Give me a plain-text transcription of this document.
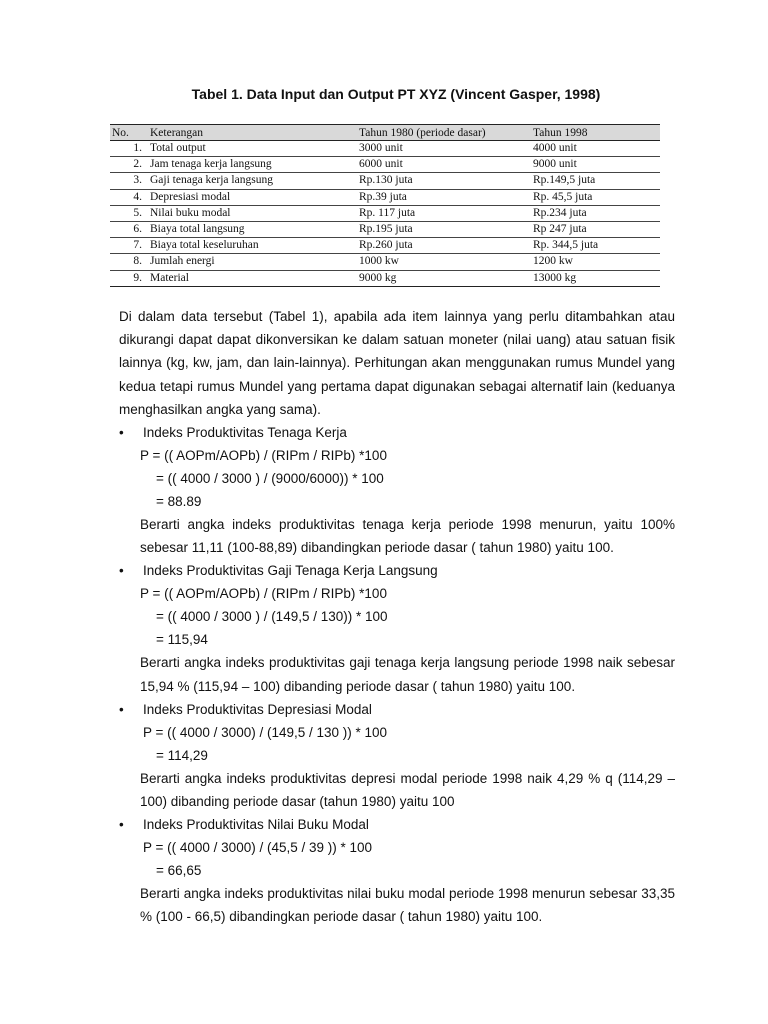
Tabel 1. Data Input dan Output PT XYZ (Vincent Gasper, 1998)
No.	Keterangan	Tahun 1980 (periode dasar)	Tahun 1998
1.	Total output	3000 unit	4000 unit
2.	Jam tenaga kerja langsung	6000 unit	9000 unit
3.	Gaji tenaga kerja langsung	Rp.130 juta	Rp.149,5 juta
4.	Depresiasi modal	Rp.39 juta	Rp. 45,5 juta
5.	Nilai buku modal	Rp. 117 juta	Rp.234 juta
6.	Biaya total langsung	Rp.195 juta	Rp 247 juta
7.	Biaya total keseluruhan	Rp.260 juta	Rp. 344,5 juta
8.	Jumlah energi	1000 kw	1200 kw
9.	Material	9000 kg	13000 kg

Di dalam data tersebut (Tabel 1), apabila ada item lainnya yang perlu ditambahkan atau dikurangi dapat dapat dikonversikan ke dalam satuan moneter (nilai uang) atau satuan fisik lainnya (kg, kw, jam, dan lain-lainnya). Perhitungan akan menggunakan rumus Mundel yang kedua tetapi rumus Mundel yang pertama dapat digunakan sebagai alternatif lain (keduanya menghasilkan angka yang sama).

• Indeks Produktivitas Tenaga Kerja

P = (( AOPm/AOPb) / (RIPm / RIPb) *100

= (( 4000 / 3000 ) / (9000/6000)) * 100

= 88.89

Berarti angka indeks produktivitas tenaga kerja periode 1998 menurun, yaitu 100% sebesar 11,11 (100-88,89) dibandingkan periode dasar ( tahun 1980) yaitu 100.

• Indeks Produktivitas Gaji Tenaga Kerja Langsung

P = (( AOPm/AOPb) / (RIPm / RIPb) *100

= (( 4000 / 3000 ) / (149,5 / 130)) * 100

= 115,94

Berarti angka indeks produktivitas gaji tenaga kerja langsung periode 1998 naik sebesar 15,94 % (115,94 – 100) dibanding periode dasar ( tahun 1980) yaitu 100.

• Indeks Produktivitas Depresiasi Modal

P = (( 4000 / 3000) / (149,5 / 130 )) * 100

= 114,29

Berarti angka indeks produktivitas depresi modal periode 1998 naik 4,29 % q (114,29 – 100) dibanding periode dasar (tahun 1980) yaitu 100

• Indeks Produktivitas Nilai Buku Modal

P = (( 4000 / 3000) / (45,5 / 39 )) * 100

= 66,65

Berarti angka indeks produktivitas nilai buku modal periode 1998 menurun sebesar 33,35 % (100 - 66,5) dibandingkan periode dasar ( tahun 1980) yaitu 100.
